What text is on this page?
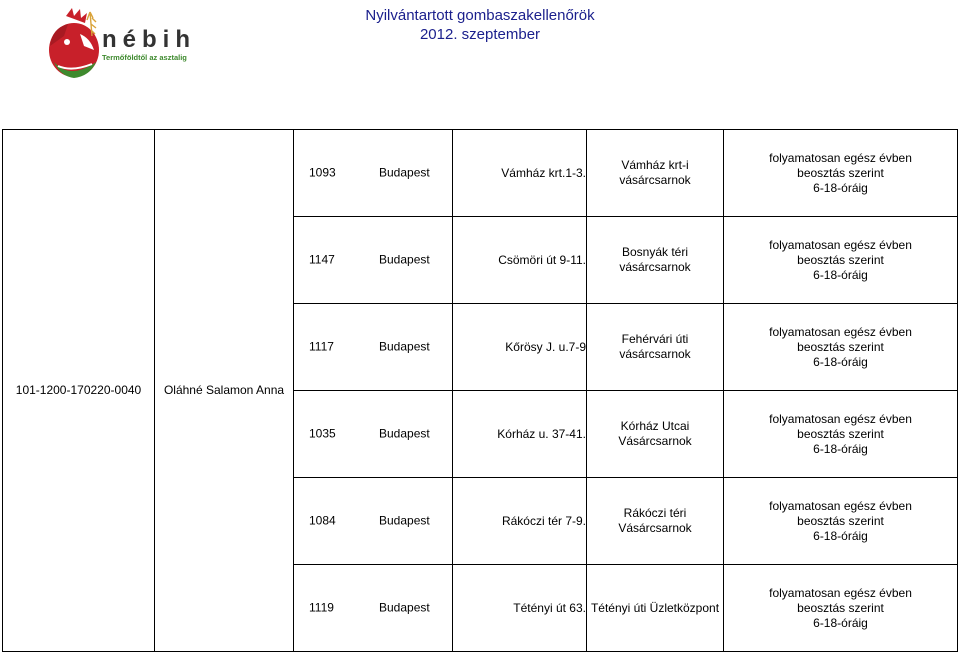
nébih
Termőföldtől az asztalig
Nyilvántartott gombaszakellenőrök
2012. szeptember
101-1200-170220-0040	Oláhné Salamon Anna	1093 Budapest	Vámház krt.1-3.	Vámház krt-i
vásárcsarnok	folyamatosan egész évben
beosztás szerint
6-18-óráig

		1147 Budapest	Csömöri út 9-11.	Bosnyák téri
vásárcsarnok	folyamatosan egész évben
beosztás szerint
6-18-óráig

		1117 Budapest	Kőrösy J. u.7-9	Fehérvári úti
vásárcsarnok	folyamatosan egész évben
beosztás szerint
6-18-óráig

		1035 Budapest	Kórház u. 37-41.	Kórház Utcai
Vásárcsarnok	folyamatosan egész évben
beosztás szerint
6-18-óráig

		1084 Budapest	Rákóczi tér 7-9.	Rákóczi téri
Vásárcsarnok	folyamatosan egész évben
beosztás szerint
6-18-óráig

		1119 Budapest	Tétényi út 63.	Tétényi úti Üzletközpont	folyamatosan egész évben
beosztás szerint
6-18-óráig
